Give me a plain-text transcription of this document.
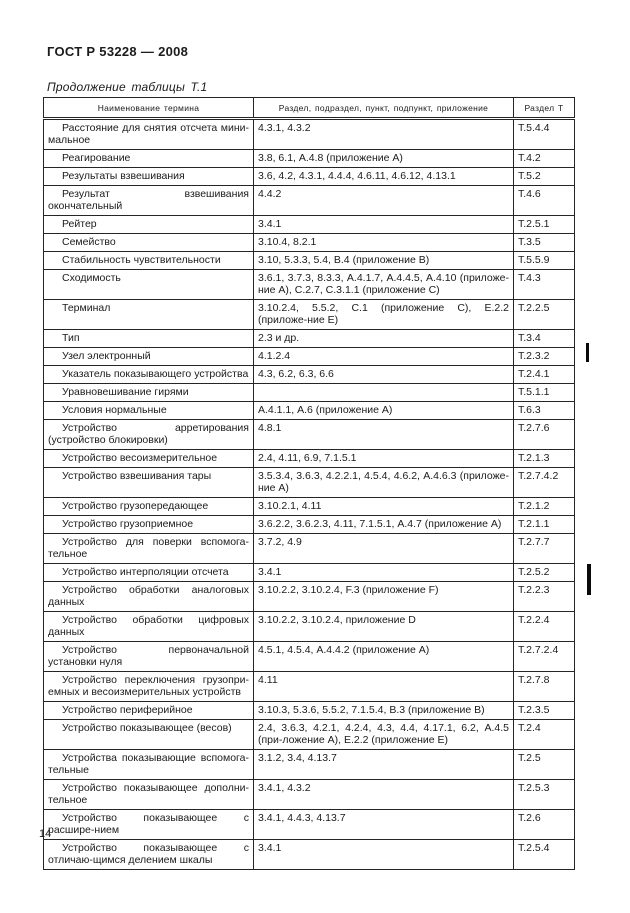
ГОСТ Р 53228 — 2008
Продолжение таблицы Т.1
Наименование термина	Раздел, подраздел, пункт, подпункт, приложение	Раздел Т
Расстояние для снятия отсчета мини-мальное	4.3.1, 4.3.2	Т.5.4.4
Реагирование	3.8, 6.1, А.4.8 (приложение А)	Т.4.2
Результаты взвешивания	3.6, 4.2, 4.3.1, 4.4.4, 4.6.11, 4.6.12, 4.13.1	Т.5.2
Результат взвешивания окончательный	4.4.2	Т.4.6
Рейтер	3.4.1	Т.2.5.1
Семейство	3.10.4, 8.2.1	Т.3.5
Стабильность чувствительности	3.10, 5.3.3, 5.4, В.4 (приложение В)	Т.5.5.9
Сходимость	3.6.1, 3.7.3, 8.3.3, А.4.1.7, А.4.4.5, А.4.10 (приложе-ние А), С.2.7, С.3.1.1 (приложение С)	Т.4.3
Терминал	3.10.2.4, 5.5.2, С.1 (приложение С), Е.2.2 (приложе-ние Е)	Т.2.2.5
Тип	2.3 и др.	Т.3.4
Узел электронный	4.1.2.4	Т.2.3.2
Указатель показывающего устройства	4.3, 6.2, 6.3, 6.6	Т.2.4.1
Уравновешивание гирями		Т.5.1.1
Условия нормальные	А.4.1.1, А.6 (приложение А)	Т.6.3
Устройство арретирования (устройство блокировки)	4.8.1	Т.2.7.6
Устройство весоизмерительное	2.4, 4.11, 6.9, 7.1.5.1	Т.2.1.3
Устройство взвешивания тары	3.5.3.4, 3.6.3, 4.2.2.1, 4.5.4, 4.6.2, А.4.6.3 (приложе-ние А)	Т.2.7.4.2
Устройство грузопередающее	3.10.2.1, 4.11	Т.2.1.2
Устройство грузоприемное	3.6.2.2, 3.6.2.3, 4.11, 7.1.5.1, А.4.7 (приложение А)	Т.2.1.1
Устройство для поверки вспомога-тельное	3.7.2, 4.9	Т.2.7.7
Устройство интерполяции отсчета	3.4.1	Т.2.5.2
Устройство обработки аналоговых данных	3.10.2.2, 3.10.2.4, F.3 (приложение F)	Т.2.2.3
Устройство обработки цифровых данных	3.10.2.2, 3.10.2.4, приложение D	Т.2.2.4
Устройство первоначальной установки нуля	4.5.1, 4.5.4, А.4.4.2 (приложение А)	Т.2.7.2.4
Устройство переключения грузопри-емных и весоизмерительных устройств	4.11	Т.2.7.8
Устройство периферийное	3.10.3, 5.3.6, 5.5.2, 7.1.5.4, В.3 (приложение В)	Т.2.3.5
Устройство показывающее (весов)	2.4, 3.6.3, 4.2.1, 4.2.4, 4.3, 4.4, 4.17.1, 6.2, А.4.5 (при-ложение А), Е.2.2 (приложение Е)	Т.2.4
Устройства показывающие вспомога-тельные	3.1.2, 3.4, 4.13.7	Т.2.5
Устройство показывающее дополни-тельное	3.4.1, 4.3.2	Т.2.5.3
Устройство показывающее с расшире-нием	3.4.1, 4.4.3, 4.13.7	Т.2.6
Устройство показывающее с отличаю-щимся делением шкалы	3.4.1	Т.2.5.4
14
